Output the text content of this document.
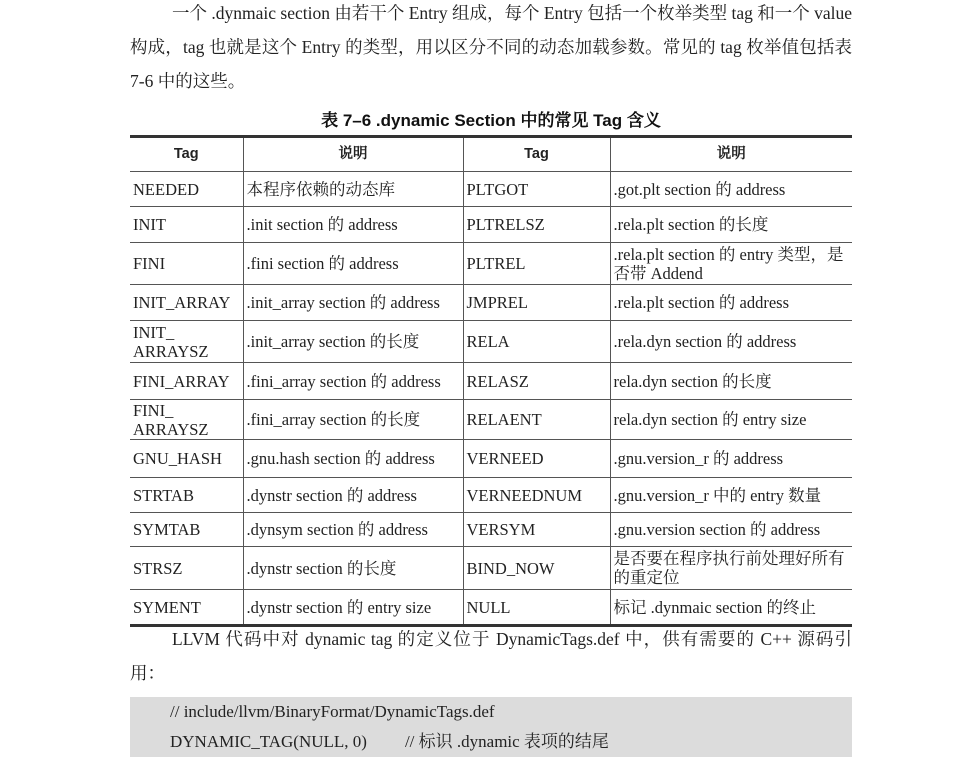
一个 .dynmaic section 由若干个 Entry 组成，每个 Entry 包括一个枚举类型 tag 和一个 value 构成，tag 也就是这个 Entry 的类型，用以区分不同的动态加载参数。常见的 tag 枚举值包括表 7-6 中的这些。
表 7–6 .dynamic Section 中的常见 Tag 含义
Tag	说明	Tag	说明
NEEDED	本程序依赖的动态库	PLTGOT	.got.plt section 的 address
INIT	.init section 的 address	PLTRELSZ	.rela.plt section 的长度
FINI	.fini section 的 address	PLTREL	.rela.plt section 的 entry 类型，是否带 Addend
INIT_ARRAY	.init_array section 的 address	JMPREL	.rela.plt section 的 address
INIT_ ARRAYSZ	.init_array section 的长度	RELA	.rela.dyn section 的 address
FINI_ARRAY	.fini_array section 的 address	RELASZ	rela.dyn section 的长度
FINI_ ARRAYSZ	.fini_array section 的长度	RELAENT	rela.dyn section 的 entry size
GNU_HASH	.gnu.hash section 的 address	VERNEED	.gnu.version_r 的 address
STRTAB	.dynstr section 的 address	VERNEEDNUM	.gnu.version_r 中的 entry 数量
SYMTAB	.dynsym section 的 address	VERSYM	.gnu.version section 的 address
STRSZ	.dynstr section 的长度	BIND_NOW	是否要在程序执行前处理好所有的重定位
SYMENT	.dynstr section 的 entry size	NULL	标记 .dynmaic section 的终止
LLVM 代码中对 dynamic tag 的定义位于 DynamicTags.def 中，供有需要的 C++ 源码引用：
// include/llvm/BinaryFormat/DynamicTags.def
DYNAMIC_TAG(NULL, 0) // 标识 .dynamic 表项的结尾
